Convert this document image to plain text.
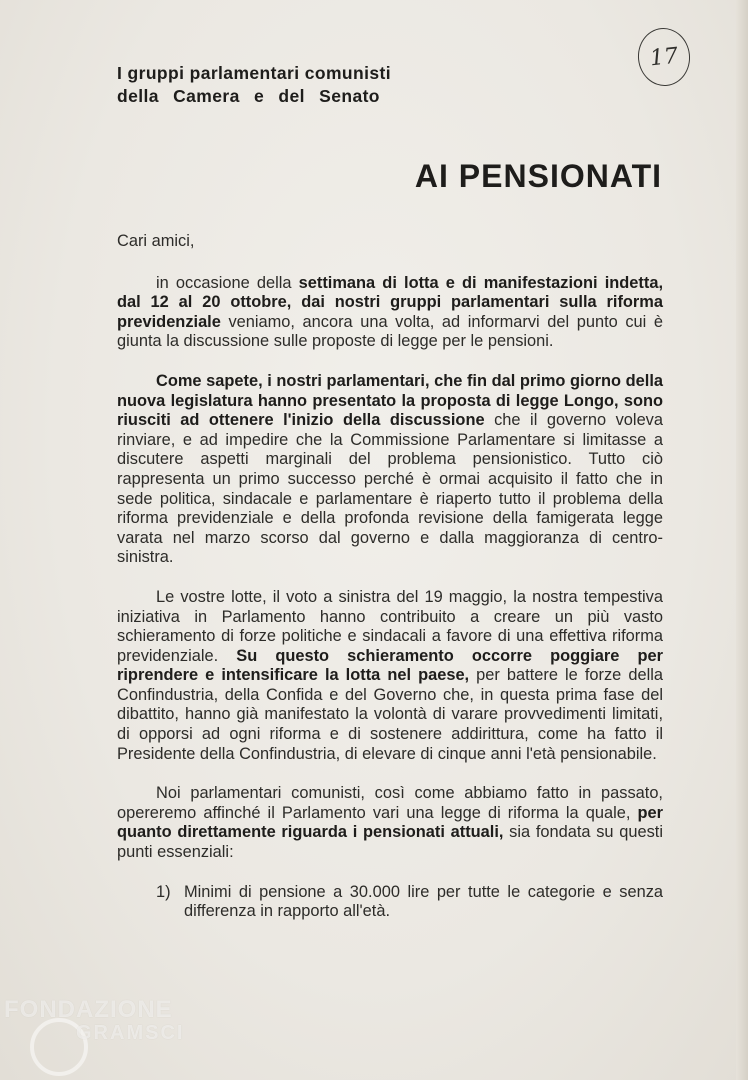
I gruppi parlamentari comunisti
della Camera e del Senato
17
AI PENSIONATI

Cari amici,

in occasione della settimana di lotta e di manifestazioni indetta, dal 12 al 20 ottobre, dai nostri gruppi parlamentari sulla riforma previdenziale veniamo, ancora una volta, ad informarvi del punto cui è giunta la discussione sulle proposte di legge per le pensioni.

Come sapete, i nostri parlamentari, che fin dal primo giorno della nuova legislatura hanno presentato la proposta di legge Longo, sono riusciti ad ottenere l'inizio della discussione che il governo voleva rinviare, e ad impedire che la Commissione Parlamentare si limitasse a discutere aspetti marginali del problema pensionistico. Tutto ciò rappresenta un primo successo perché è ormai acquisito il fatto che in sede politica, sindacale e parlamentare è riaperto tutto il problema della riforma previdenziale e della profonda revisione della famigerata legge varata nel marzo scorso dal governo e dalla maggioranza di centro-sinistra.

Le vostre lotte, il voto a sinistra del 19 maggio, la nostra tempestiva iniziativa in Parlamento hanno contribuito a creare un più vasto schieramento di forze politiche e sindacali a favore di una effettiva riforma previdenziale. Su questo schieramento occorre poggiare per riprendere e intensificare la lotta nel paese, per battere le forze della Confindustria, della Confida e del Governo che, in questa prima fase del dibattito, hanno già manifestato la volontà di varare provvedimenti limitati, di opporsi ad ogni riforma e di sostenere addirittura, come ha fatto il Presidente della Confindustria, di elevare di cinque anni l'età pensionabile.

Noi parlamentari comunisti, così come abbiamo fatto in passato, opereremo affinché il Parlamento vari una legge di riforma la quale, per quanto direttamente riguarda i pensionati attuali, sia fondata su questi punti essenziali:

1) Minimi di pensione a 30.000 lire per tutte le categorie e senza differenza in rapporto all'età.
FONDAZIONE
GRAMSCI
